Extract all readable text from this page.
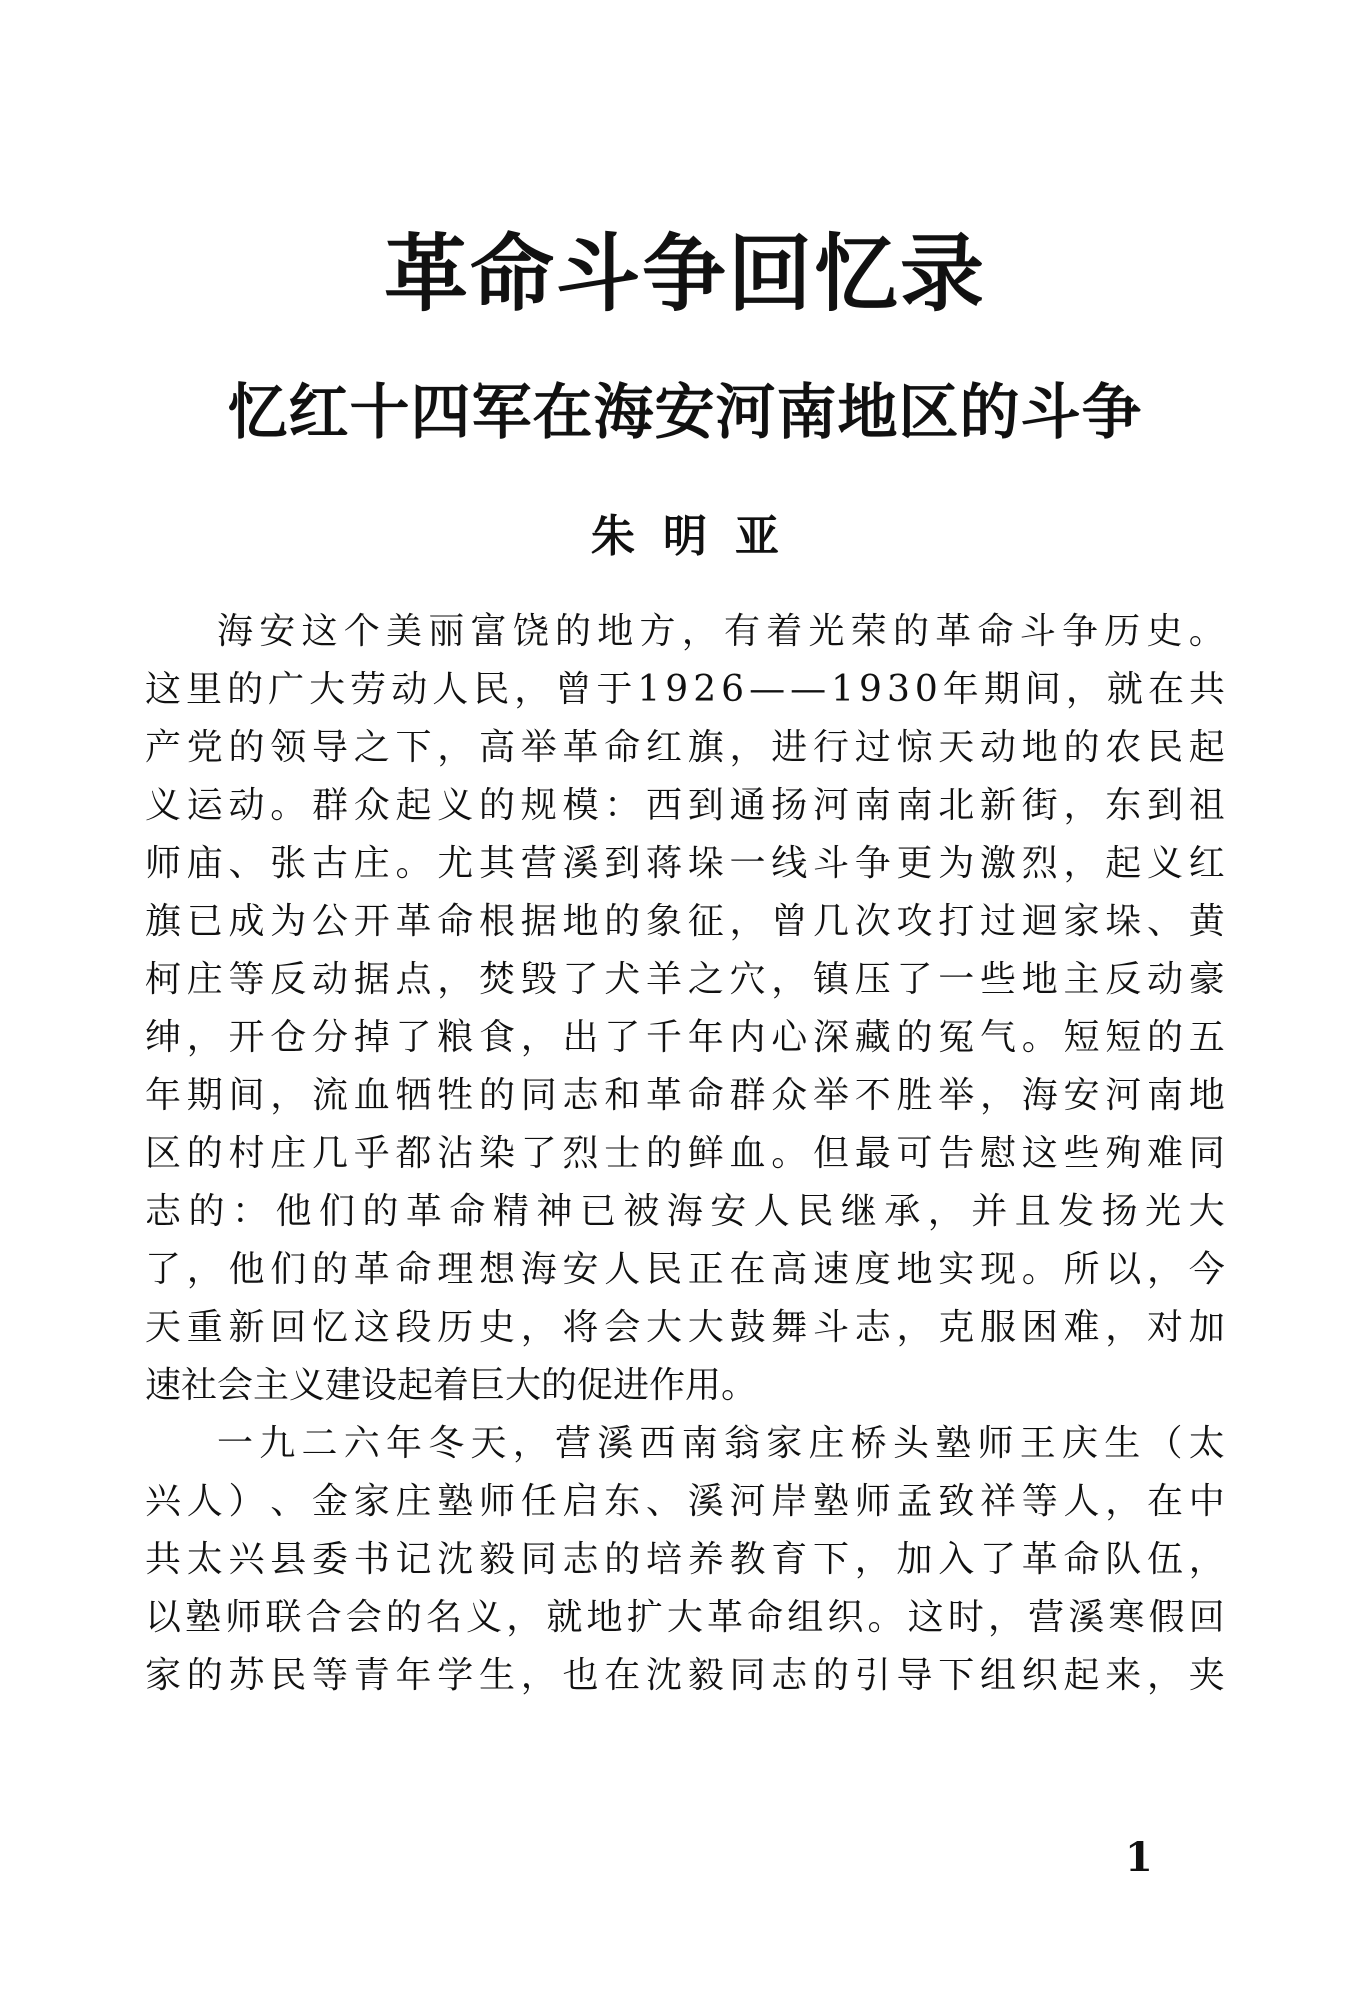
革命斗争回忆录
忆红十四军在海安河南地区的斗争
朱明亚
海 安 这 个 美 丽 富 饶 的 地 方 ， 有 着 光 荣 的 革 命 斗 争 历 史 。
这 里 的 广 大 劳 动 人 民 ， 曾 于 1 9 2 6 — — 1 9 3 0 年 期 间 ， 就 在 共
产 党 的 领 导 之 下 ， 高 举 革 命 红 旗 ， 进 行 过 惊 天 动 地 的 农 民 起
义 运 动 。 群 众 起 义 的 规 模 ： 西 到 通 扬 河 南 南 北 新 街 ， 东 到 祖
师 庙 、 张 古 庄 。 尤 其 营 溪 到 蒋 垛 一 线 斗 争 更 为 激 烈 ， 起 义 红
旗 已 成 为 公 开 革 命 根 据 地 的 象 征 ， 曾 几 次 攻 打 过 迴 家 垛 、 黄
柯 庄 等 反 动 据 点 ， 焚 毁 了 犬 羊 之 穴 ， 镇 压 了 一 些 地 主 反 动 豪
绅 ， 开 仓 分 掉 了 粮 食 ， 出 了 千 年 内 心 深 藏 的 冤 气 。 短 短 的 五
年 期 间 ， 流 血 牺 牲 的 同 志 和 革 命 群 众 举 不 胜 举 ， 海 安 河 南 地
区 的 村 庄 几 乎 都 沾 染 了 烈 士 的 鲜 血 。 但 最 可 告 慰 这 些 殉 难 同
志 的 ： 他 们 的 革 命 精 神 已 被 海 安 人 民 继 承 ， 并 且 发 扬 光 大
了 ， 他 们 的 革 命 理 想 海 安 人 民 正 在 高 速 度 地 实 现 。 所 以 ， 今
天 重 新 回 忆 这 段 历 史 ， 将 会 大 大 鼓 舞 斗 志 ， 克 服 困 难 ， 对 加
速社会主义建设起着巨大的促进作用。
一 九 二 六 年 冬 天 ， 营 溪 西 南 翁 家 庄 桥 头 塾 师 王 庆 生 （ 太
兴 人 ） 、 金 家 庄 塾 师 任 启 东 、 溪 河 岸 塾 师 孟 致 祥 等 人 ， 在 中
共 太 兴 县 委 书 记 沈 毅 同 志 的 培 养 教 育 下 ， 加 入 了 革 命 队 伍 ，
以 塾 师 联 合 会 的 名 义 ， 就 地 扩 大 革 命 组 织 。 这 时 ， 营 溪 寒 假 回
家 的 苏 民 等 青 年 学 生 ， 也 在 沈 毅 同 志 的 引 导 下 组 织 起 来 ， 夹
1
